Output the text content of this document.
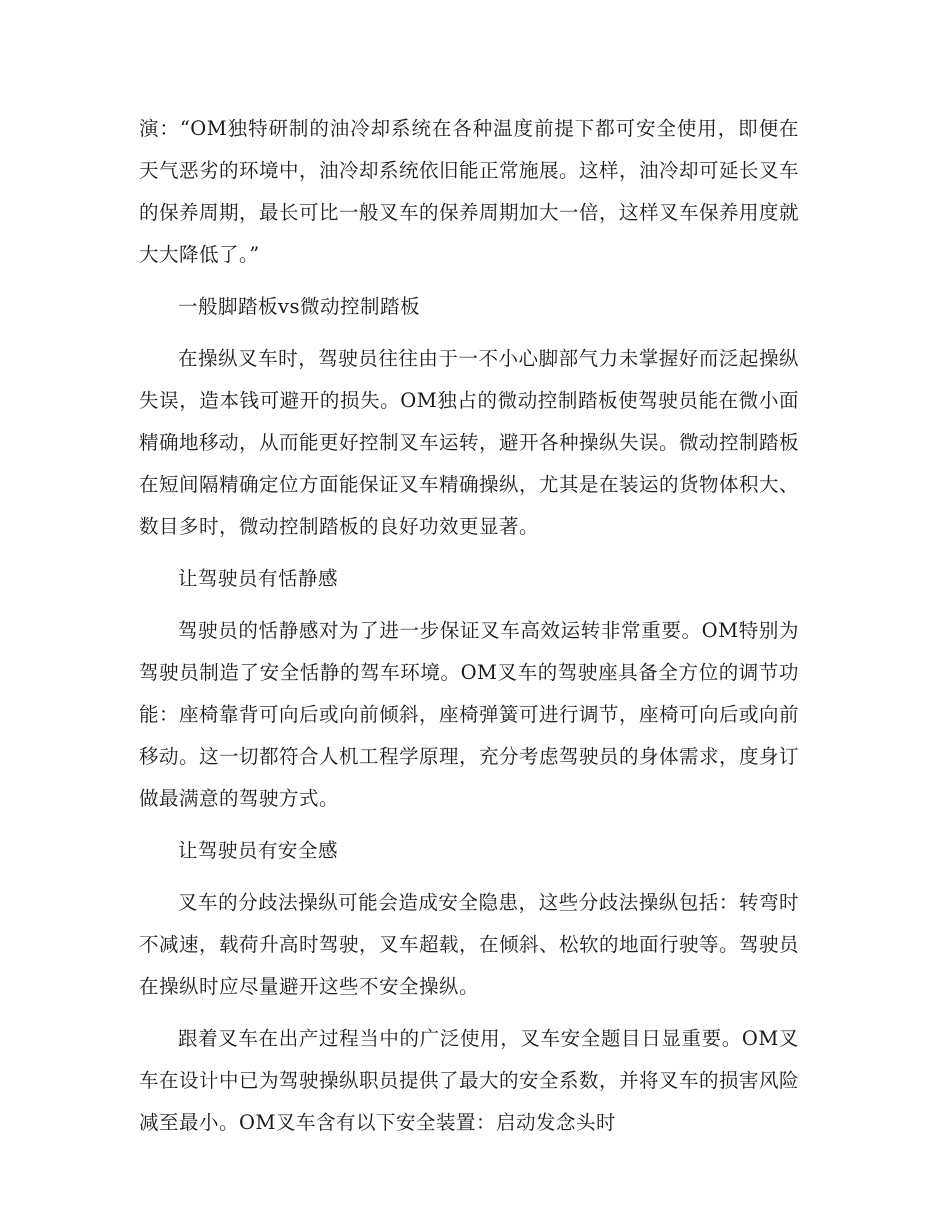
演：“OM独特研制的油冷却系统在各种温度前提下都可安全使用，即便在天气恶劣的环境中，油冷却系统依旧能正常施展。这样，油冷却可延长叉车的保养周期，最长可比一般叉车的保养周期加大一倍，这样叉车保养用度就大大降低了。”

一般脚踏板vs微动控制踏板

在操纵叉车时，驾驶员往往由于一不小心脚部气力未掌握好而泛起操纵失误，造本钱可避开的损失。OM独占的微动控制踏板使驾驶员能在微小面精确地移动，从而能更好控制叉车运转，避开各种操纵失误。微动控制踏板在短间隔精确定位方面能保证叉车精确操纵，尤其是在装运的货物体积大、数目多时，微动控制踏板的良好功效更显著。

让驾驶员有恬静感

驾驶员的恬静感对为了进一步保证叉车高效运转非常重要。OM特别为驾驶员制造了安全恬静的驾车环境。OM叉车的驾驶座具备全方位的调节功能：座椅靠背可向后或向前倾斜，座椅弹簧可进行调节，座椅可向后或向前移动。这一切都符合人机工程学原理，充分考虑驾驶员的身体需求，度身订做最满意的驾驶方式。

让驾驶员有安全感

叉车的分歧法操纵可能会造成安全隐患，这些分歧法操纵包括：转弯时不减速，载荷升高时驾驶，叉车超载，在倾斜、松软的地面行驶等。驾驶员在操纵时应尽量避开这些不安全操纵。

跟着叉车在出产过程当中的广泛使用，叉车安全题目日显重要。OM叉车在设计中已为驾驶操纵职员提供了最大的安全系数，并将叉车的损害风险减至最小。OM叉车含有以下安全装置：启动发念头时
